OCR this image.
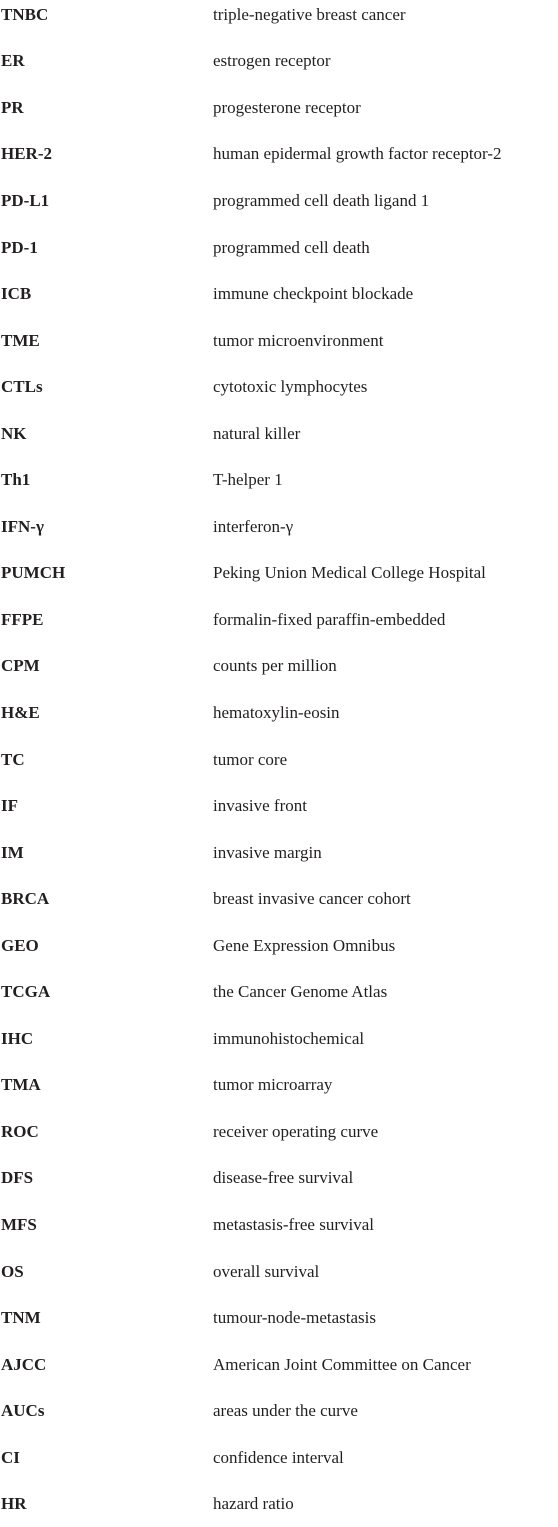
TNBC	triple-negative breast cancer
ER	estrogen receptor
PR	progesterone receptor
HER-2	human epidermal growth factor receptor-2
PD-L1	programmed cell death ligand 1
PD-1	programmed cell death
ICB	immune checkpoint blockade
TME	tumor microenvironment
CTLs	cytotoxic lymphocytes
NK	natural killer
Th1	T-helper 1
IFN-γ	interferon-γ
PUMCH	Peking Union Medical College Hospital
FFPE	formalin-fixed paraffin-embedded
CPM	counts per million
H&E	hematoxylin-eosin
TC	tumor core
IF	invasive front
IM	invasive margin
BRCA	breast invasive cancer cohort
GEO	Gene Expression Omnibus
TCGA	the Cancer Genome Atlas
IHC	immunohistochemical
TMA	tumor microarray
ROC	receiver operating curve
DFS	disease-free survival
MFS	metastasis-free survival
OS	overall survival
TNM	tumour-node-metastasis
AJCC	American Joint Committee on Cancer
AUCs	areas under the curve
CI	confidence interval
HR	hazard ratio
